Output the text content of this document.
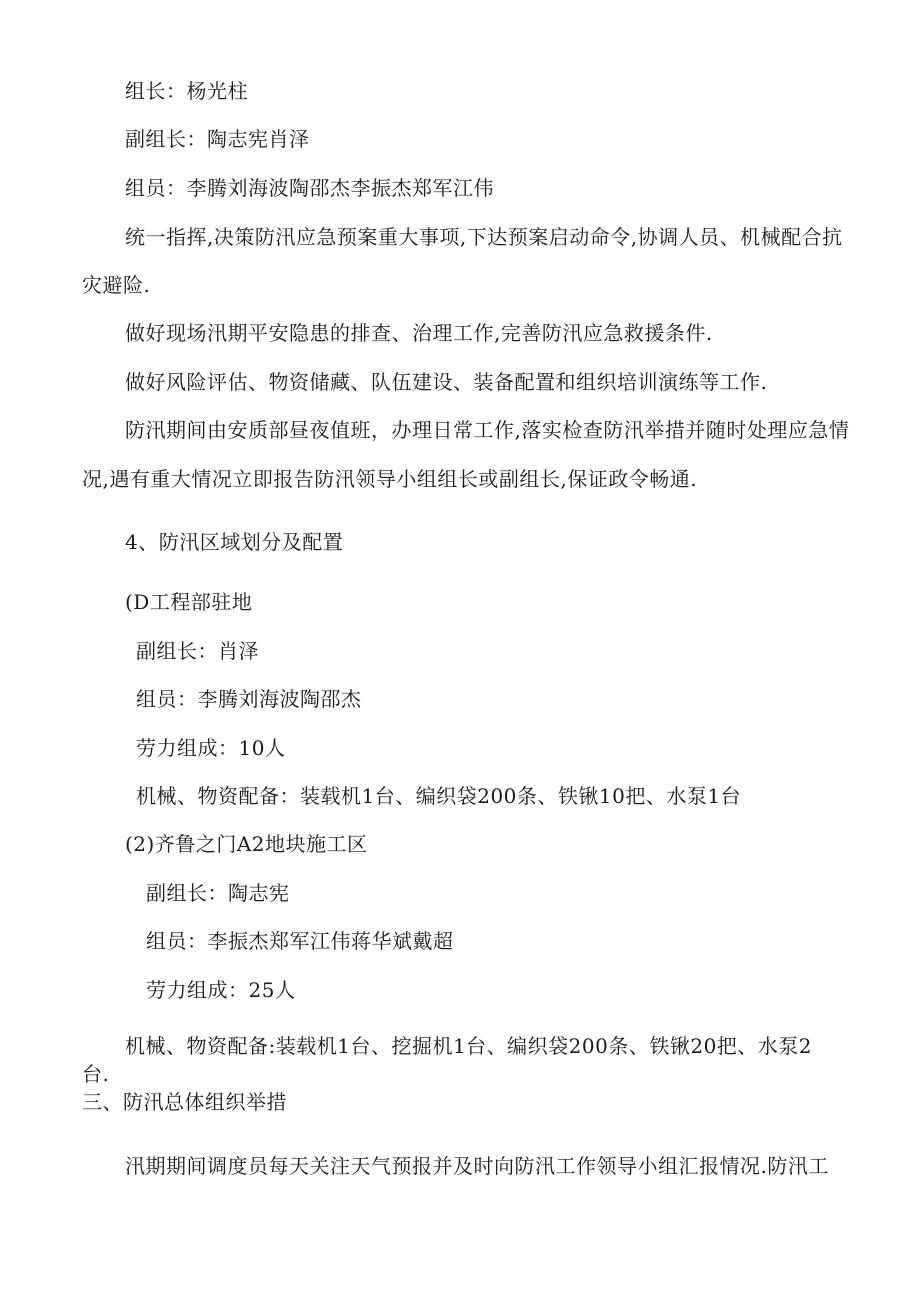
组长：杨光柱
副组长：陶志宪肖泽
组员：李腾刘海波陶邵杰李振杰郑军江伟
统一指挥,决策防汛应急预案重大事项,下达预案启动命令,协调人员、机械配合抗
灾避险.
做好现场汛期平安隐患的排查、治理工作,完善防汛应急救援条件.
做好风险评估、物资储藏、队伍建设、装备配置和组织培训演练等工作.
防汛期间由安质部昼夜值班，办理日常工作,落实检查防汛举措并随时处理应急情
况,遇有重大情况立即报告防汛领导小组组长或副组长,保证政令畅通.
4、防汛区域划分及配置
(D工程部驻地
副组长：肖泽
组员：李腾刘海波陶邵杰
劳力组成：10人
机械、物资配备：装载机1台、编织袋200条、铁锹10把、水泵1台
(2)齐鲁之门A2地块施工区
副组长：陶志宪
组员：李振杰郑军江伟蒋华斌戴超
劳力组成：25人
机械、物资配备:装载机1台、挖掘机1台、编织袋200条、铁锹20把、水泵2
台.
三、防汛总体组织举措
汛期期间调度员每天关注天气预报并及时向防汛工作领导小组汇报情况.防汛工
